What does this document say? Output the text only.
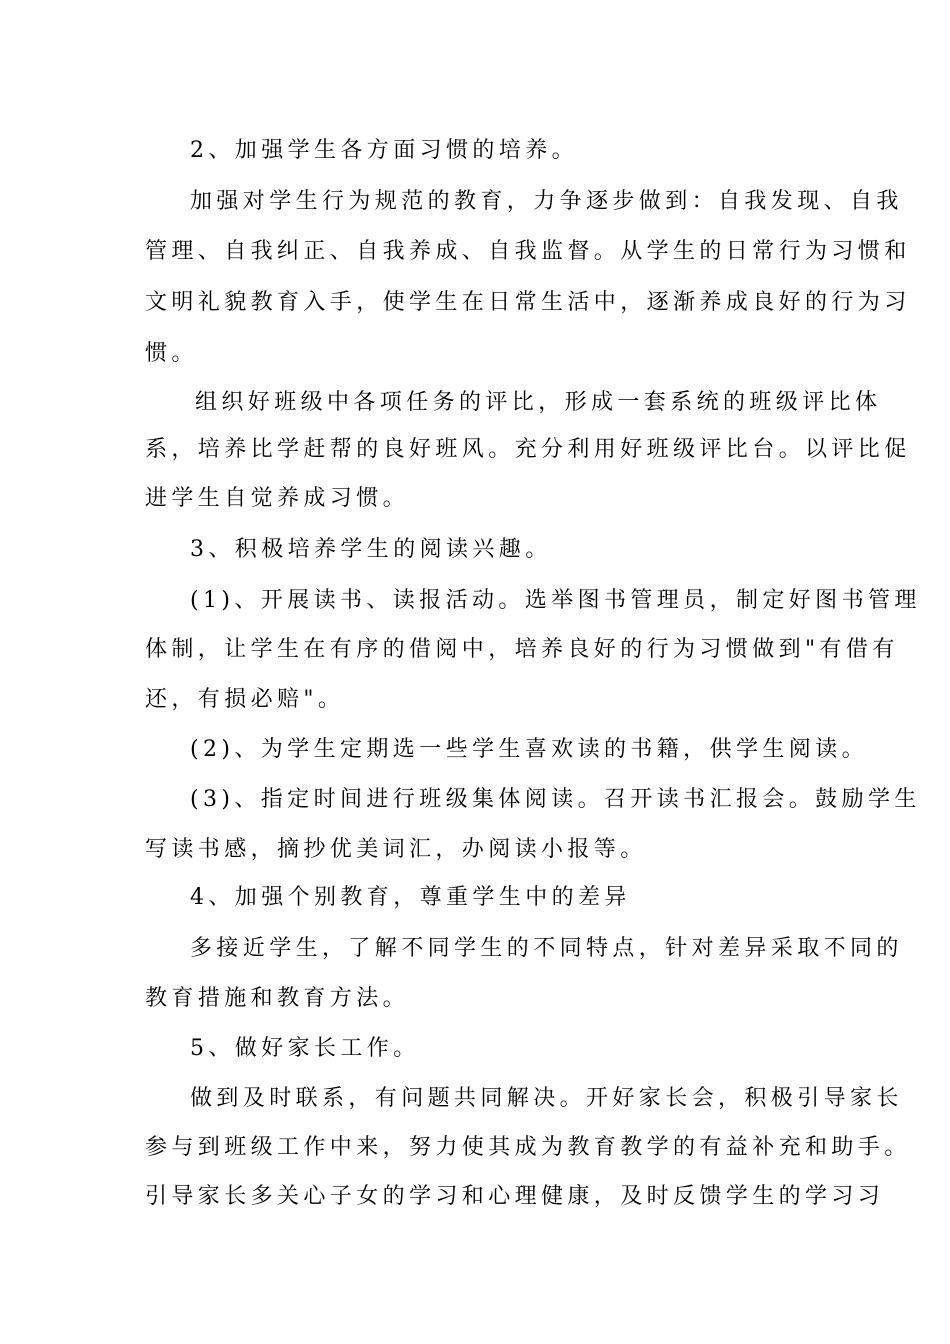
2、加强学生各方面习惯的培养。
加强对学生行为规范的教育，力争逐步做到：自我发现、自我
管理、自我纠正、自我养成、自我监督。从学生的日常行为习惯和
文明礼貌教育入手，使学生在日常生活中，逐渐养成良好的行为习
惯。
组织好班级中各项任务的评比，形成一套系统的班级评比体
系，培养比学赶帮的良好班风。充分利用好班级评比台。以评比促
进学生自觉养成习惯。
3、积极培养学生的阅读兴趣。
(1)、开展读书、读报活动。选举图书管理员，制定好图书管理
体制，让学生在有序的借阅中，培养良好的行为习惯做到"有借有
还，有损必赔"。
(2)、为学生定期选一些学生喜欢读的书籍，供学生阅读。
(3)、指定时间进行班级集体阅读。召开读书汇报会。鼓励学生
写读书感，摘抄优美词汇，办阅读小报等。
4、加强个别教育，尊重学生中的差异
多接近学生，了解不同学生的不同特点，针对差异采取不同的
教育措施和教育方法。
5、做好家长工作。
做到及时联系，有问题共同解决。开好家长会，积极引导家长
参与到班级工作中来，努力使其成为教育教学的有益补充和助手。
引导家长多关心子女的学习和心理健康，及时反馈学生的学习习
